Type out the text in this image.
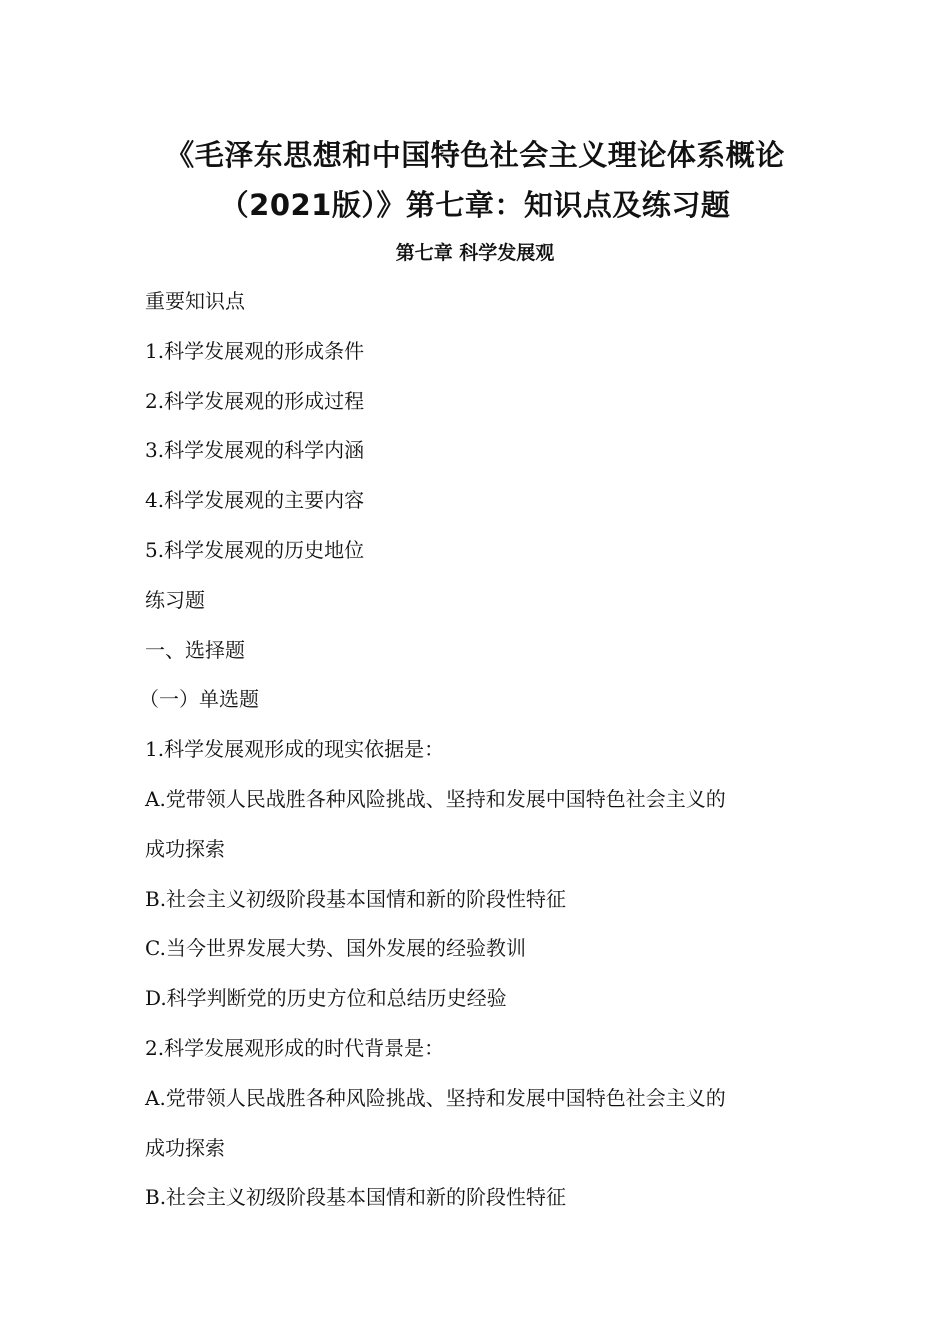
《毛泽东思想和中国特色社会主义理论体系概论
（2021版）》第七章：知识点及练习题
第七章 科学发展观
重要知识点
1.科学发展观的形成条件
2.科学发展观的形成过程
3.科学发展观的科学内涵
4.科学发展观的主要内容
5.科学发展观的历史地位
练习题
一、选择题
（一）单选题
1.科学发展观形成的现实依据是：
A.党带领人民战胜各种风险挑战、坚持和发展中国特色社会主义的
成功探索
B.社会主义初级阶段基本国情和新的阶段性特征
C.当今世界发展大势、国外发展的经验教训
D.科学判断党的历史方位和总结历史经验
2.科学发展观形成的时代背景是：
A.党带领人民战胜各种风险挑战、坚持和发展中国特色社会主义的
成功探索
B.社会主义初级阶段基本国情和新的阶段性特征
